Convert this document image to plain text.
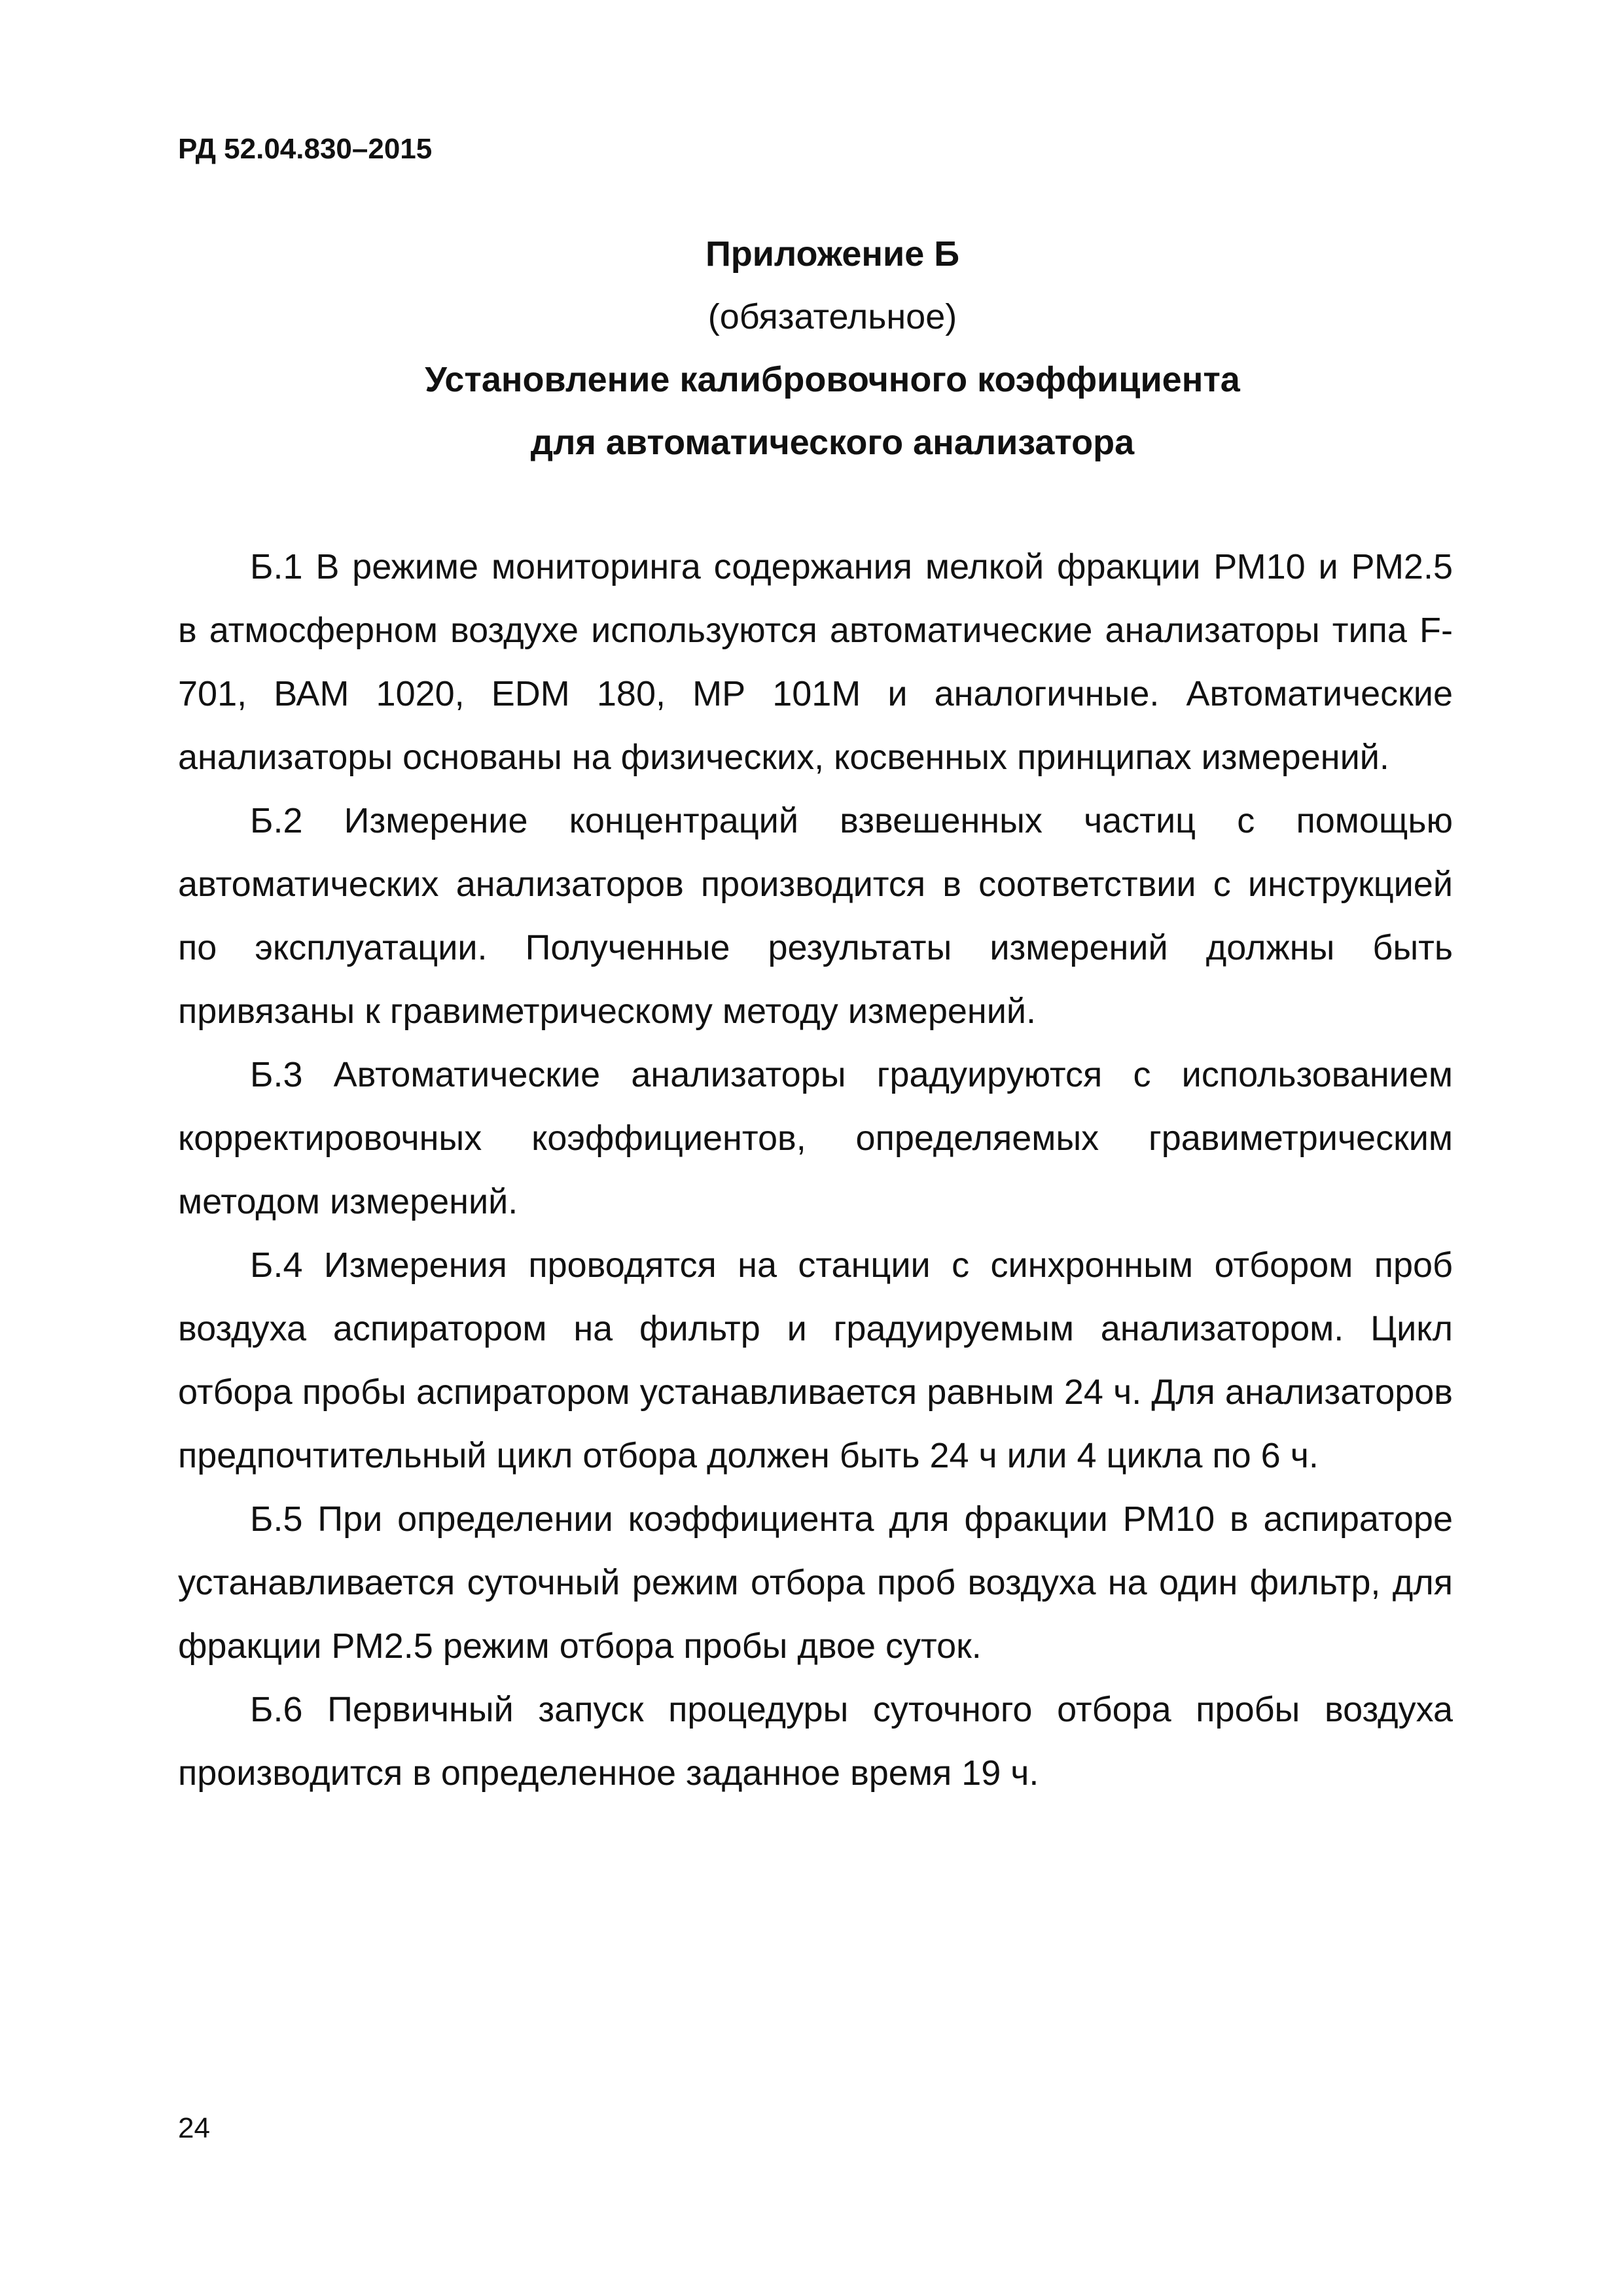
РД 52.04.830–2015
Приложение Б
(обязательное)
Установление калибровочного коэффициента
для автоматического анализатора

Б.1 В режиме мониторинга содержания мелкой фракции РМ10 и РМ2.5 в атмосферном воздухе используются автоматические анализаторы типа F-701, ВАМ 1020, EDM 180, МР 101М и аналогичные. Автоматические анализаторы основаны на физических, косвенных принципах измерений.

Б.2 Измерение концентраций взвешенных частиц с помощью автоматических анализаторов производится в соответствии с инструкцией по эксплуатации. Полученные результаты измерений должны быть привязаны к гравиметрическому методу измерений.

Б.3 Автоматические анализаторы градуируются с использованием корректировочных коэффициентов, определяемых гравиметрическим методом измерений.

Б.4 Измерения проводятся на станции с синхронным отбором проб воздуха аспиратором на фильтр и градуируемым анализатором. Цикл отбора пробы аспиратором устанавливается равным 24 ч. Для анализаторов предпочтительный цикл отбора должен быть 24 ч или 4 цикла по 6 ч.

Б.5 При определении коэффициента для фракции РМ10 в аспираторе устанавливается суточный режим отбора проб воздуха на один фильтр, для фракции РМ2.5 режим отбора пробы двое суток.

Б.6 Первичный запуск процедуры суточного отбора пробы воздуха производится в определенное заданное время 19 ч.

24
